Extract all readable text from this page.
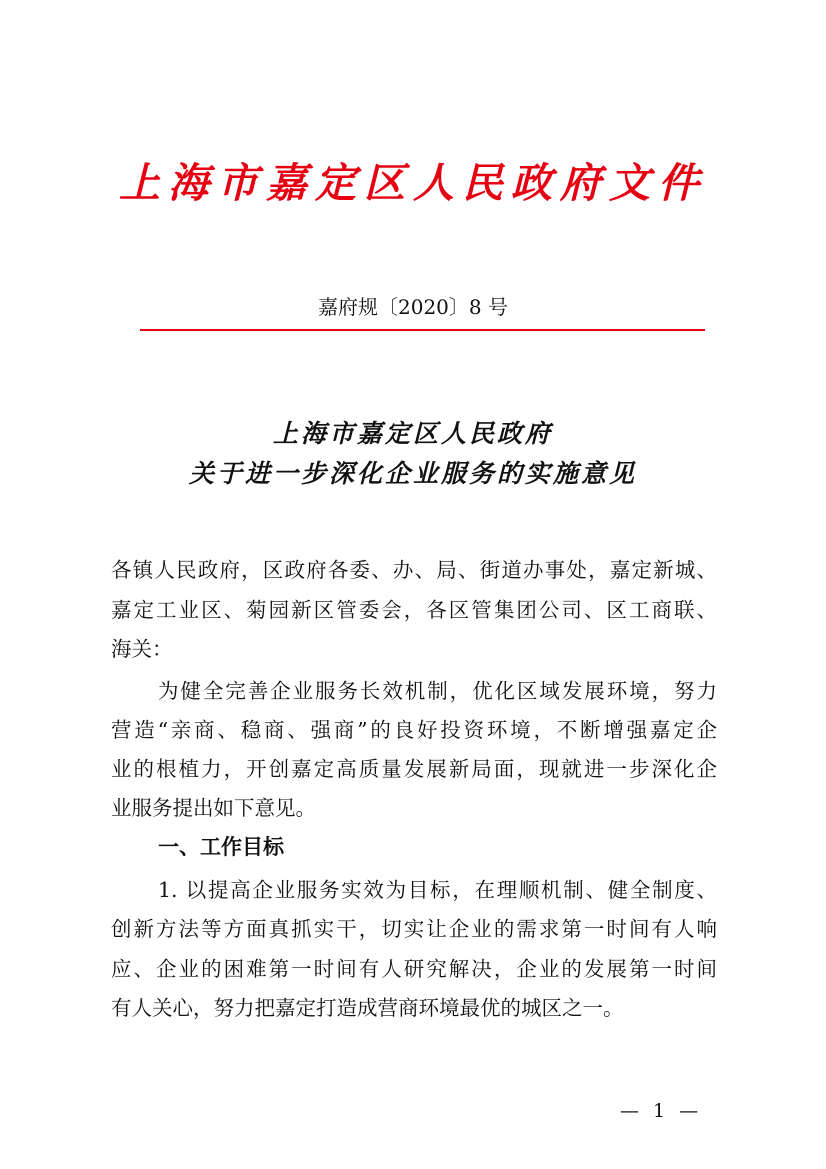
上海市嘉定区人民政府文件
嘉府规〔2020〕8 号
上海市嘉定区人民政府
关于进一步深化企业服务的实施意见
各镇人民政府，区政府各委、办、局、街道办事处，嘉定新城、
嘉定工业区、菊园新区管委会，各区管集团公司、区工商联、
海关：
为健全完善企业服务长效机制，优化区域发展环境，努力
营造“亲商、稳商、强商”的良好投资环境，不断增强嘉定企
业的根植力，开创嘉定高质量发展新局面，现就进一步深化企
业服务提出如下意见。
一、工作目标
1. 以提高企业服务实效为目标，在理顺机制、健全制度、
创新方法等方面真抓实干，切实让企业的需求第一时间有人响
应、企业的困难第一时间有人研究解决，企业的发展第一时间
有人关心，努力把嘉定打造成营商环境最优的城区之一。
— 1 —
